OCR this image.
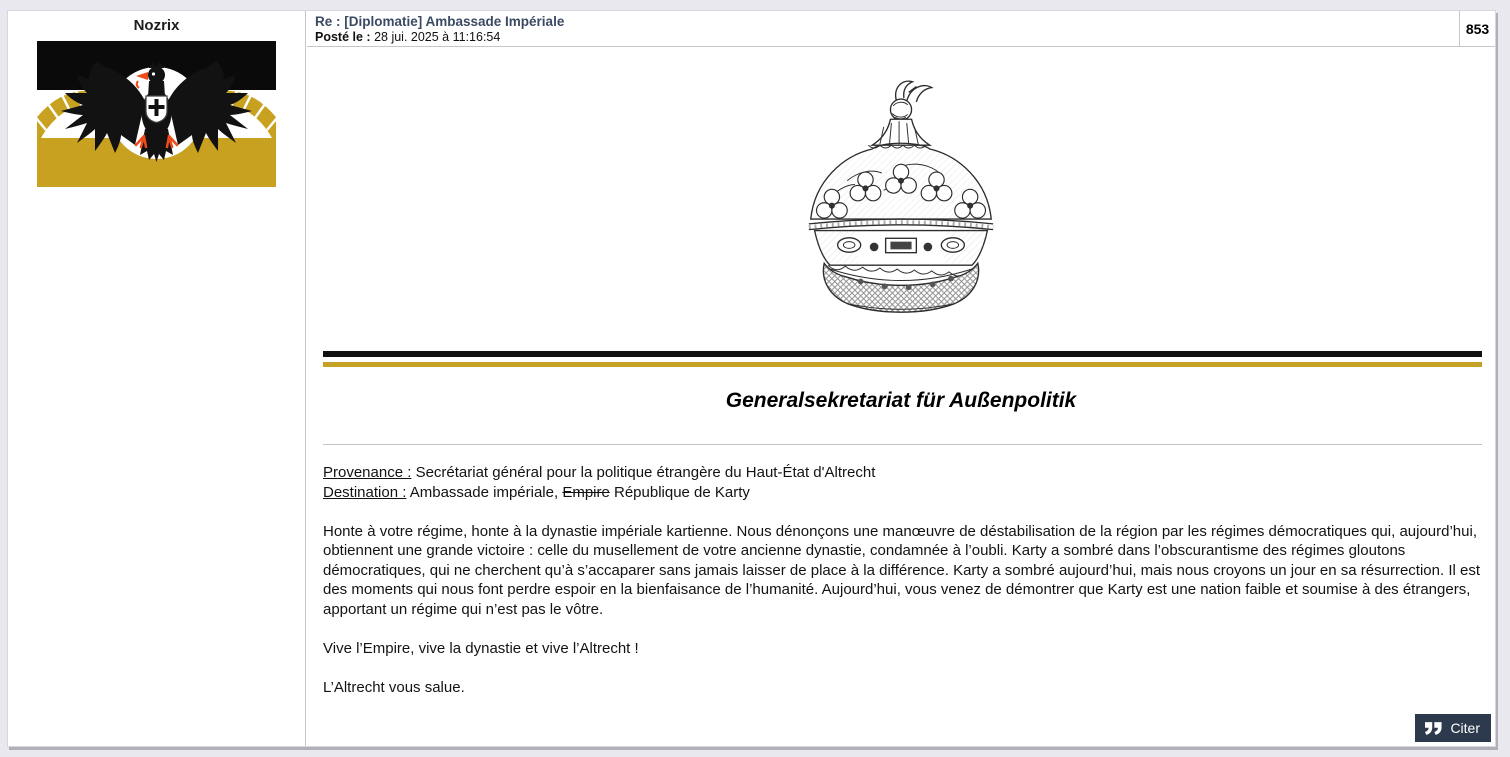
Nozrix	Re : [Diplomatie] Ambassade Impériale
Posté le : 28 jui. 2025 à 11:16:54	853
Generalsekretariat für Außenpolitik

Provenance : Secrétariat général pour la politique étrangère du Haut-État d'Altrecht
Destination : Ambassade impériale, Empire République de Karty

Honte à votre régime, honte à la dynastie impériale kartienne. Nous dénonçons une manœuvre de déstabilisation de la région par les régimes démocratiques qui, aujourd’hui, obtiennent une grande victoire : celle du musellement de votre ancienne dynastie, condamnée à l’oubli. Karty a sombré dans l’obscurantisme des régimes gloutons démocratiques, qui ne cherchent qu’à s’accaparer sans jamais laisser de place à la différence. Karty a sombré aujourd’hui, mais nous croyons un jour en sa résurrection. Il est des moments qui nous font perdre espoir en la bienfaisance de l’humanité. Aujourd’hui, vous venez de démontrer que Karty est une nation faible et soumise à des étrangers, apportant un régime qui n’est pas le vôtre.

Vive l’Empire, vive la dynastie et vive l’Altrecht !

L’Altrecht vous salue.

Citer
